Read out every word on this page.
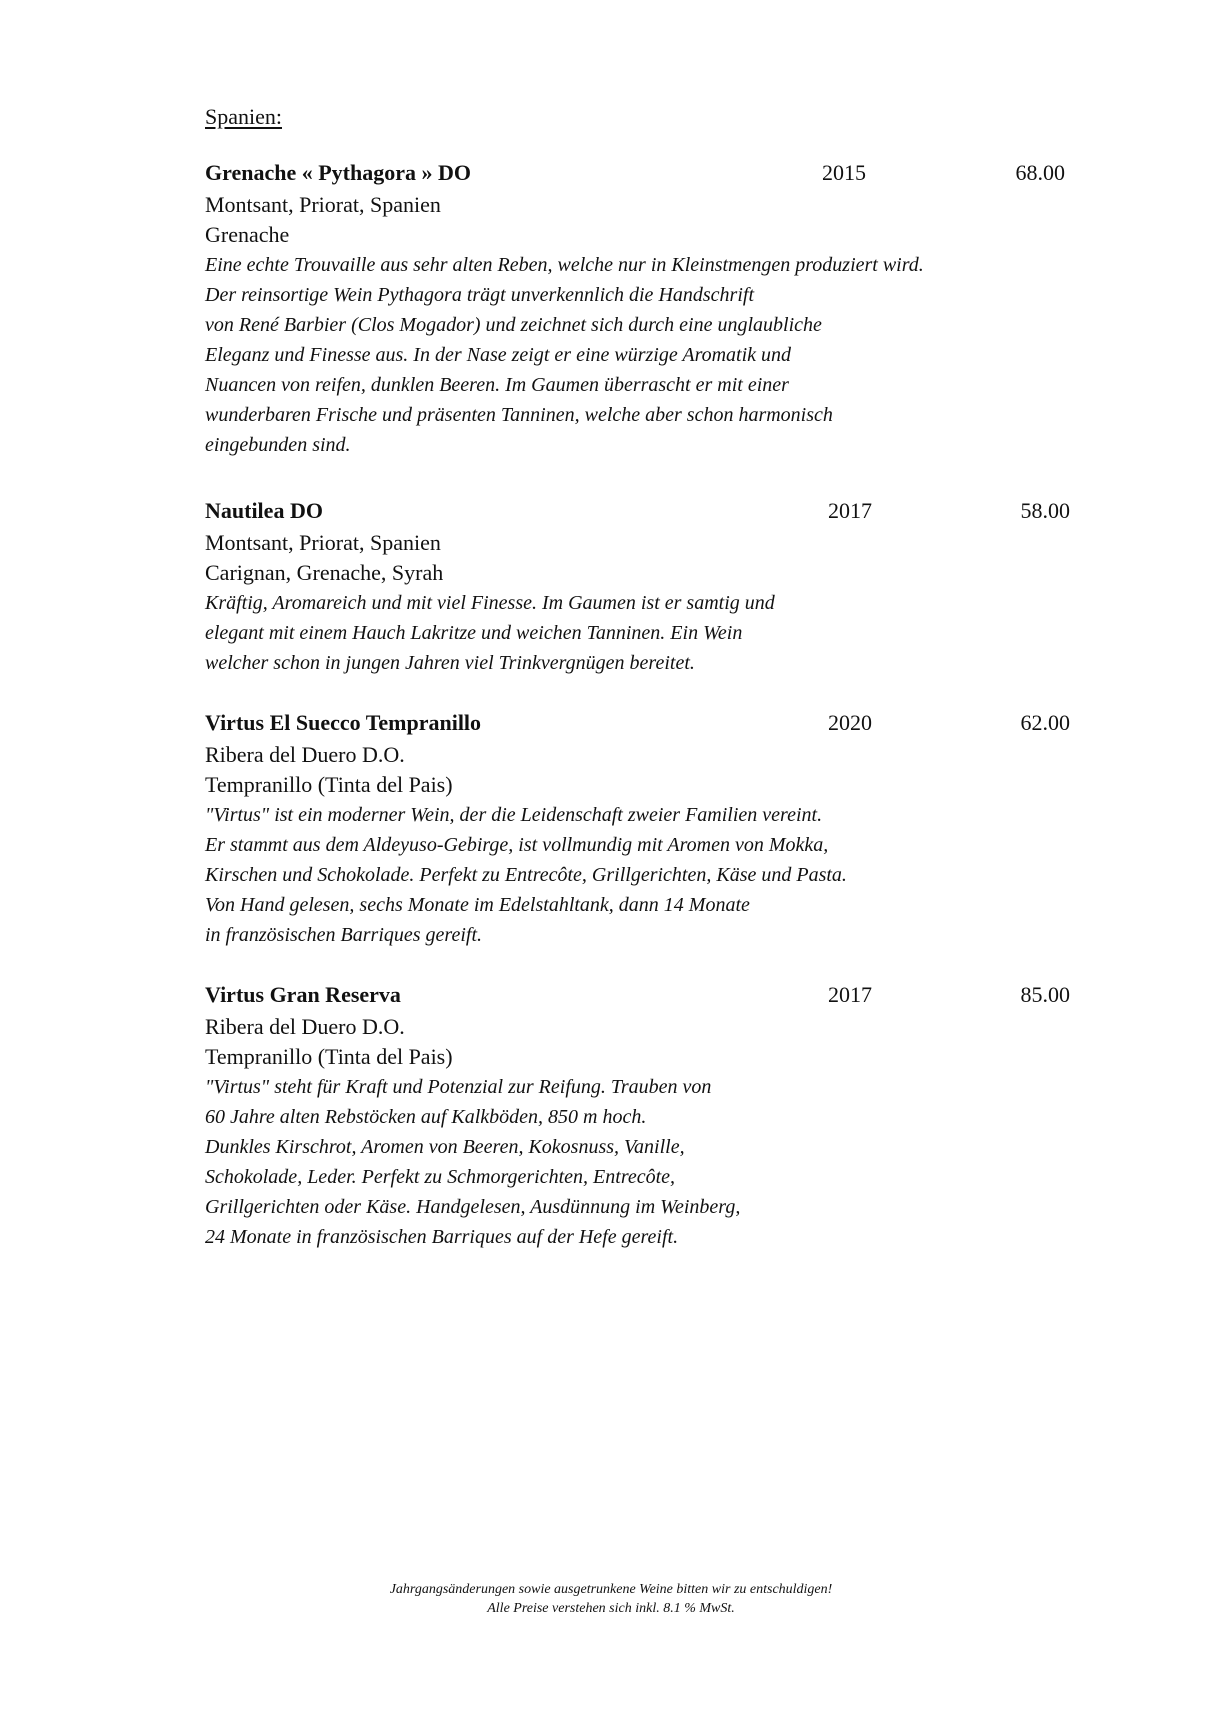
Spanien:
Grenache « Pythagora » DO	2015	68.00
Montsant, Priorat, Spanien
Grenache
Eine echte Trouvaille aus sehr alten Reben, welche nur in Kleinstmengen produziert wird.
Der reinsortige Wein Pythagora trägt unverkennlich die Handschrift
von René Barbier (Clos Mogador) und zeichnet sich durch eine unglaubliche
Eleganz und Finesse aus. In der Nase zeigt er eine würzige Aromatik und
Nuancen von reifen, dunklen Beeren. Im Gaumen überrascht er mit einer
wunderbaren Frische und präsenten Tanninen, welche aber schon harmonisch
eingebunden sind.
Nautilea DO	2017	58.00
Montsant, Priorat, Spanien
Carignan, Grenache, Syrah
Kräftig, Aromareich und mit viel Finesse. Im Gaumen ist er samtig und
elegant mit einem Hauch Lakritze und weichen Tanninen. Ein Wein
welcher schon in jungen Jahren viel Trinkvergnügen bereitet.
Virtus El Suecco Tempranillo	2020	62.00
Ribera del Duero D.O.
Tempranillo (Tinta del Pais)
"Virtus" ist ein moderner Wein, der die Leidenschaft zweier Familien vereint.
Er stammt aus dem Aldeyuso-Gebirge, ist vollmundig mit Aromen von Mokka,
Kirschen und Schokolade. Perfekt zu Entrecôte, Grillgerichten, Käse und Pasta.
Von Hand gelesen, sechs Monate im Edelstahltank, dann 14 Monate
in französischen Barriques gereift.
Virtus Gran Reserva	2017	85.00
Ribera del Duero D.O.
Tempranillo (Tinta del Pais)
"Virtus" steht für Kraft und Potenzial zur Reifung. Trauben von
60 Jahre alten Rebstöcken auf Kalkböden, 850 m hoch.
Dunkles Kirschrot, Aromen von Beeren, Kokosnuss, Vanille,
Schokolade, Leder. Perfekt zu Schmorgerichten, Entrecôte,
Grillgerichten oder Käse. Handgelesen, Ausdünnung im Weinberg,
24 Monate in französischen Barriques auf der Hefe gereift.
Jahrgangsänderungen sowie ausgetrunkene Weine bitten wir zu entschuldigen!
Alle Preise verstehen sich inkl. 8.1 % MwSt.
